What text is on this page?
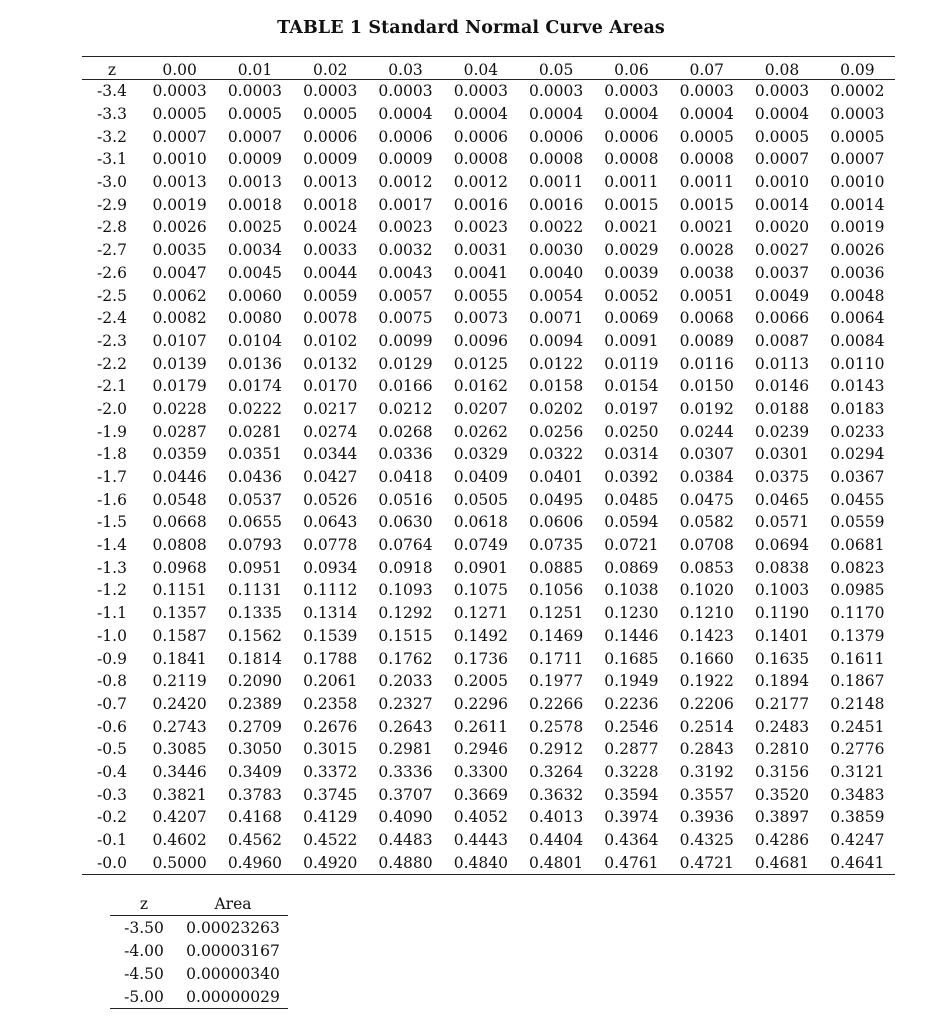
TABLE 1 Standard Normal Curve Areas
z	0.00	0.01	0.02	0.03	0.04	0.05	0.06	0.07	0.08	0.09
-3.4	0.0003	0.0003	0.0003	0.0003	0.0003	0.0003	0.0003	0.0003	0.0003	0.0002
-3.3	0.0005	0.0005	0.0005	0.0004	0.0004	0.0004	0.0004	0.0004	0.0004	0.0003
-3.2	0.0007	0.0007	0.0006	0.0006	0.0006	0.0006	0.0006	0.0005	0.0005	0.0005
-3.1	0.0010	0.0009	0.0009	0.0009	0.0008	0.0008	0.0008	0.0008	0.0007	0.0007
-3.0	0.0013	0.0013	0.0013	0.0012	0.0012	0.0011	0.0011	0.0011	0.0010	0.0010
-2.9	0.0019	0.0018	0.0018	0.0017	0.0016	0.0016	0.0015	0.0015	0.0014	0.0014
-2.8	0.0026	0.0025	0.0024	0.0023	0.0023	0.0022	0.0021	0.0021	0.0020	0.0019
-2.7	0.0035	0.0034	0.0033	0.0032	0.0031	0.0030	0.0029	0.0028	0.0027	0.0026
-2.6	0.0047	0.0045	0.0044	0.0043	0.0041	0.0040	0.0039	0.0038	0.0037	0.0036
-2.5	0.0062	0.0060	0.0059	0.0057	0.0055	0.0054	0.0052	0.0051	0.0049	0.0048
-2.4	0.0082	0.0080	0.0078	0.0075	0.0073	0.0071	0.0069	0.0068	0.0066	0.0064
-2.3	0.0107	0.0104	0.0102	0.0099	0.0096	0.0094	0.0091	0.0089	0.0087	0.0084
-2.2	0.0139	0.0136	0.0132	0.0129	0.0125	0.0122	0.0119	0.0116	0.0113	0.0110
-2.1	0.0179	0.0174	0.0170	0.0166	0.0162	0.0158	0.0154	0.0150	0.0146	0.0143
-2.0	0.0228	0.0222	0.0217	0.0212	0.0207	0.0202	0.0197	0.0192	0.0188	0.0183
-1.9	0.0287	0.0281	0.0274	0.0268	0.0262	0.0256	0.0250	0.0244	0.0239	0.0233
-1.8	0.0359	0.0351	0.0344	0.0336	0.0329	0.0322	0.0314	0.0307	0.0301	0.0294
-1.7	0.0446	0.0436	0.0427	0.0418	0.0409	0.0401	0.0392	0.0384	0.0375	0.0367
-1.6	0.0548	0.0537	0.0526	0.0516	0.0505	0.0495	0.0485	0.0475	0.0465	0.0455
-1.5	0.0668	0.0655	0.0643	0.0630	0.0618	0.0606	0.0594	0.0582	0.0571	0.0559
-1.4	0.0808	0.0793	0.0778	0.0764	0.0749	0.0735	0.0721	0.0708	0.0694	0.0681
-1.3	0.0968	0.0951	0.0934	0.0918	0.0901	0.0885	0.0869	0.0853	0.0838	0.0823
-1.2	0.1151	0.1131	0.1112	0.1093	0.1075	0.1056	0.1038	0.1020	0.1003	0.0985
-1.1	0.1357	0.1335	0.1314	0.1292	0.1271	0.1251	0.1230	0.1210	0.1190	0.1170
-1.0	0.1587	0.1562	0.1539	0.1515	0.1492	0.1469	0.1446	0.1423	0.1401	0.1379
-0.9	0.1841	0.1814	0.1788	0.1762	0.1736	0.1711	0.1685	0.1660	0.1635	0.1611
-0.8	0.2119	0.2090	0.2061	0.2033	0.2005	0.1977	0.1949	0.1922	0.1894	0.1867
-0.7	0.2420	0.2389	0.2358	0.2327	0.2296	0.2266	0.2236	0.2206	0.2177	0.2148
-0.6	0.2743	0.2709	0.2676	0.2643	0.2611	0.2578	0.2546	0.2514	0.2483	0.2451
-0.5	0.3085	0.3050	0.3015	0.2981	0.2946	0.2912	0.2877	0.2843	0.2810	0.2776
-0.4	0.3446	0.3409	0.3372	0.3336	0.3300	0.3264	0.3228	0.3192	0.3156	0.3121
-0.3	0.3821	0.3783	0.3745	0.3707	0.3669	0.3632	0.3594	0.3557	0.3520	0.3483
-0.2	0.4207	0.4168	0.4129	0.4090	0.4052	0.4013	0.3974	0.3936	0.3897	0.3859
-0.1	0.4602	0.4562	0.4522	0.4483	0.4443	0.4404	0.4364	0.4325	0.4286	0.4247
-0.0	0.5000	0.4960	0.4920	0.4880	0.4840	0.4801	0.4761	0.4721	0.4681	0.4641
z	Area
-3.50	0.00023263
-4.00	0.00003167
-4.50	0.00000340
-5.00	0.00000029
